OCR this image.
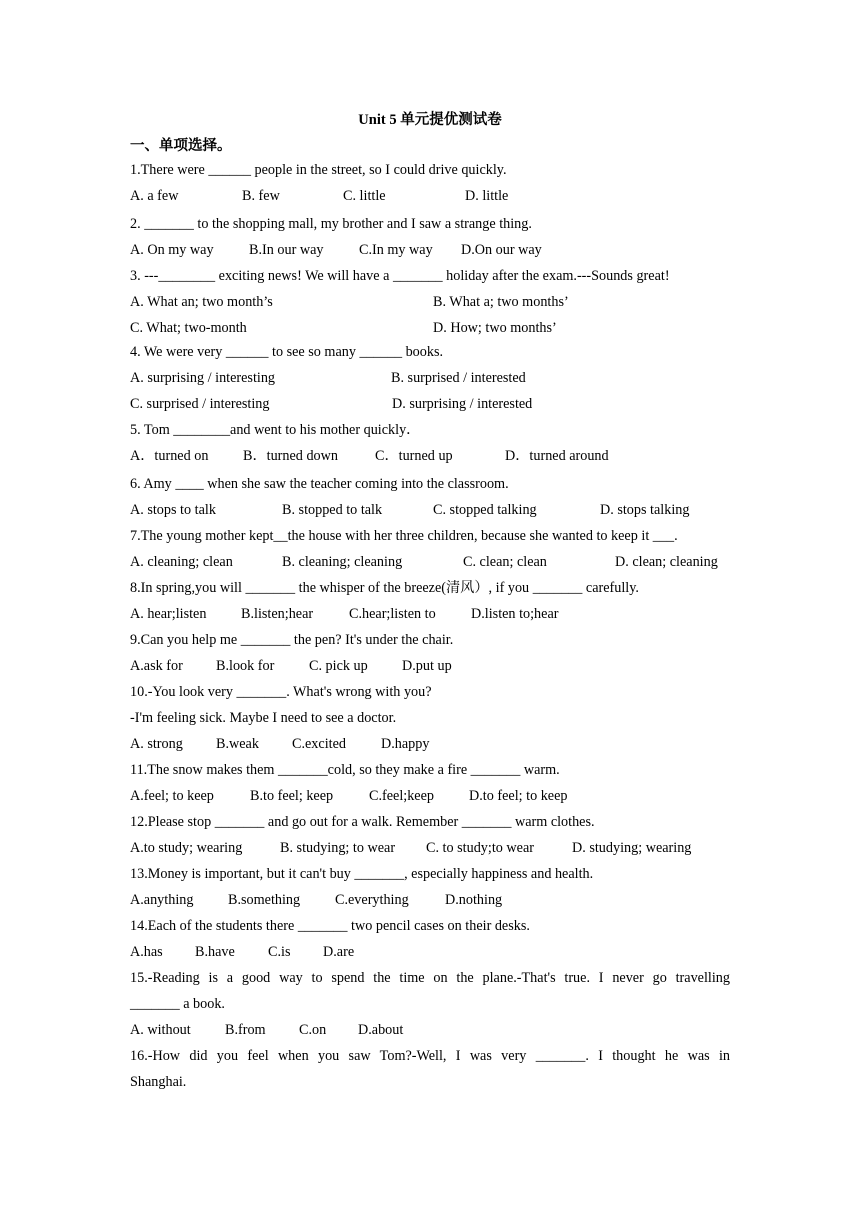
Unit 5 单元提优测试卷
一、单项选择。
1.There were ______ people in the street, so I could drive quickly.
A. a few	B. few	C. little	D. little
2. _______ to the shopping mall, my brother and I saw a strange thing.
A. On my way B.In our way	C.In my way D.On our way
3. ---________ exciting news! We will have a _______ holiday after the exam.---Sounds great!
A. What an; two month’s	B. What a; two months’
C. What; two-month	D. How; two months’
4. We were very ______ to see so many ______ books.
A. surprising / interesting	B. surprised / interested
C. surprised / interesting	D. surprising / interested
5. Tom ________and went to his mother quickly．
A．turned on B．turned down	C．turned up	D．turned around
6. Amy ____ when she saw the teacher coming into the classroom.
A. stops to talk	B. stopped to talk	C. stopped talking	D. stops talking
7.The young mother kept__the house with her three children, because she wanted to keep it ___.
A. cleaning; clean	B. cleaning; cleaning	C. clean; clean	D. clean; cleaning
8.In spring,you will _______ the whisper of the breeze(清风）, if you _______ carefully.
A. hear;listen B.listen;hear	C.hear;listen to D.listen to;hear
9.Can you help me _______ the pen? It's under the chair.
A.ask for B.look for C. pick up D.put up
10.-You look very _______. What's wrong with you?
-I'm feeling sick. Maybe I need to see a doctor.
A. strong B.weak C.excited D.happy
11.The snow makes them _______cold, so they make a fire _______ warm.
A.feel; to keep	B.to feel; keep	C.feel;keep D.to feel; to keep
12.Please stop _______ and go out for a walk. Remember _______ warm clothes.
A.to study; wearing	B. studying; to wear C. to study;to wear	D. studying; wearing
13.Money is important, but it can't buy _______, especially happiness and health.
A.anything B.something C.everything	D.nothing
14.Each of the students there _______ two pencil cases on their desks.
A.has B.have C.is D.are
15.-Reading is a good way to spend the time on the plane.-That's true. I never go travelling
_______ a book.
A. without B.from C.on D.about
16.-How did you feel when you saw Tom?-Well, I was very _______. I thought he was in
Shanghai.
